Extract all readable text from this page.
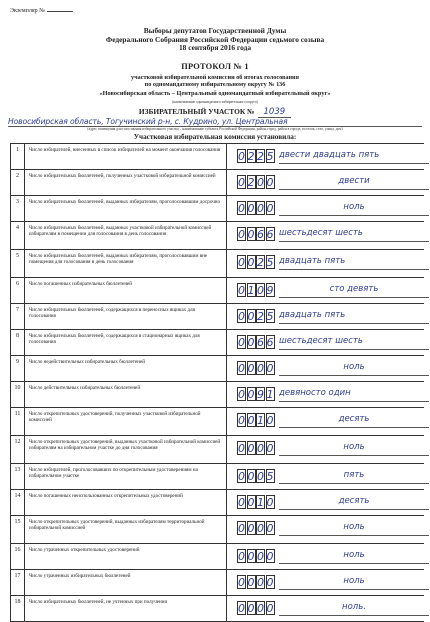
Экземпляр №
Выборы депутатов Государственной Думы
Федерального Собрания Российской Федерации седьмого созыва
18 сентября 2016 года
ПРОТОКОЛ № 1
участковой избирательной комиссии об итогах голосования
по одномандатному избирательному округу № 136
«Новосибирская область – Центральный одномандатный избирательный округ»
(наименование одномандатного избирательного округа)
ИЗБИРАТЕЛЬНЫЙ УЧАСТОК № 1039
Новосибирская область, Тогучинский р-н, с. Кудрино, ул. Центральная
(адрес помещения для голосования избирательного участка – наименование субъекта Российской Федерации, район, город, район в городе, поселок, село, улица, дом)
Участковая избирательная комиссия установила:
1	Число избирателей, внесенных в список избирателей на момент окончания голосования	0 2 2 5 двести двадцать пять
2	Число избирательных бюллетеней, полученных участковой избирательной комиссией	0 2 0 0	двести
3	Число избирательных бюллетеней, выданных избирателям, проголосовавшим досрочно	0 0 0 0	ноль
4	Число избирательных бюллетеней, выданных участковой избирательной комиссией избирателям в помещении для голосования в день голосования	0 0 6 6 шестьдесят шесть
5	Число избирательных бюллетеней, выданных избирателям, проголосовавшим вне помещения для голосования в день голосования	0 0 2 5 двадцать пять
6	Число погашенных избирательных бюллетеней	0 1 0 9	сто девять
7	Число избирательных бюллетеней, содержащихся в переносных ящиках для голосования	0 0 2 5 двадцать пять
8	Число избирательных бюллетеней, содержащихся в стационарных ящиках для голосования	0 0 6 6 шестьдесят шесть
9	Число недействительных избирательных бюллетеней	0 0 0 0	ноль
10	Число действительных избирательных бюллетеней	0 0 9 1 девяносто один
11	Число открепительных удостоверений, полученных участковой избирательной комиссией	0 0 1 0	десять
12	Число открепительных удостоверений, выданных участковой избирательной комиссией избирателям на избирательном участке до дня голосования	0 0 0 0	ноль
13	Число избирателей, проголосовавших по открепительным удостоверениям на избирательном участке	0 0 0 5	пять
14	Число погашенных неиспользованных открепительных удостоверений	0 0 1 0	десять
15	Число открепительных удостоверений, выданных избирателям территориальной избирательной комиссией	0 0 0 0	ноль
16	Число утраченных открепительных удостоверений	0 0 0 0	ноль
17	Число утраченных избирательных бюллетеней	0 0 0 0	ноль
18	Число избирательных бюллетеней, не учтенных при получении	0 0 0 0	ноль.
